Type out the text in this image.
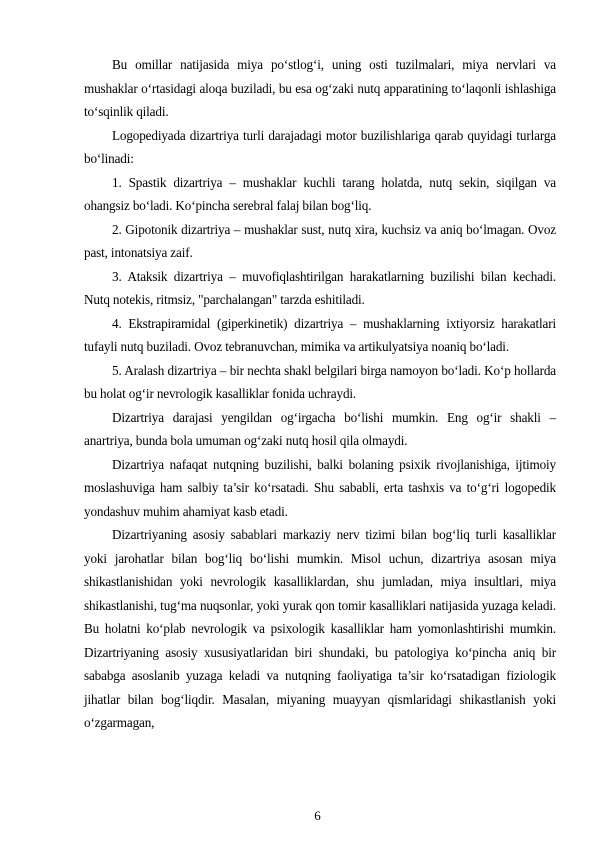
Bu omillar natijasida miya po‘stlog‘i, uning osti tuzilmalari, miya nervlari va mushaklar o‘rtasidagi aloqa buziladi, bu esa og‘zaki nutq apparatining to‘laqonli ishlashiga to‘sqinlik qiladi.

Logopediyada dizartriya turli darajadagi motor buzilishlariga qarab quyidagi turlarga bo‘linadi:

1. Spastik dizartriya – mushaklar kuchli tarang holatda, nutq sekin, siqilgan va ohangsiz bo‘ladi. Ko‘pincha serebral falaj bilan bog‘liq.

2. Gipotonik dizartriya – mushaklar sust, nutq xira, kuchsiz va aniq bo‘lmagan. Ovoz past, intonatsiya zaif.

3. Ataksik dizartriya – muvofiqlashtirilgan harakatlarning buzilishi bilan kechadi. Nutq notekis, ritmsiz, "parchalangan" tarzda eshitiladi.

4. Ekstrapiramidal (giperkinetik) dizartriya – mushaklarning ixtiyorsiz harakatlari tufayli nutq buziladi. Ovoz tebranuvchan, mimika va artikulyatsiya noaniq bo‘ladi.

5. Aralash dizartriya – bir nechta shakl belgilari birga namoyon bo‘ladi. Ko‘p hollarda bu holat og‘ir nevrologik kasalliklar fonida uchraydi.

Dizartriya darajasi yengildan og‘irgacha bo‘lishi mumkin. Eng og‘ir shakli – anartriya, bunda bola umuman og‘zaki nutq hosil qila olmaydi.

Dizartriya nafaqat nutqning buzilishi, balki bolaning psixik rivojlanishiga, ijtimoiy moslashuviga ham salbiy ta’sir ko‘rsatadi. Shu sababli, erta tashxis va to‘g‘ri logopedik yondashuv muhim ahamiyat kasb etadi.

Dizartriyaning asosiy sabablari markaziy nerv tizimi bilan bog‘liq turli kasalliklar yoki jarohatlar bilan bog‘liq bo‘lishi mumkin. Misol uchun, dizartriya asosan miya shikastlanishidan yoki nevrologik kasalliklardan, shu jumladan, miya insultlari, miya shikastlanishi, tug‘ma nuqsonlar, yoki yurak qon tomir kasalliklari natijasida yuzaga keladi. Bu holatni ko‘plab nevrologik va psixologik kasalliklar ham yomonlashtirishi mumkin. Dizartriyaning asosiy xususiyatlaridan biri shundaki, bu patologiya ko‘pincha aniq bir sababga asoslanib yuzaga keladi va nutqning faoliyatiga ta’sir ko‘rsatadigan fiziologik jihatlar bilan bog‘liqdir. Masalan, miyaning muayyan qismlaridagi shikastlanish yoki o‘zgarmagan,

6
